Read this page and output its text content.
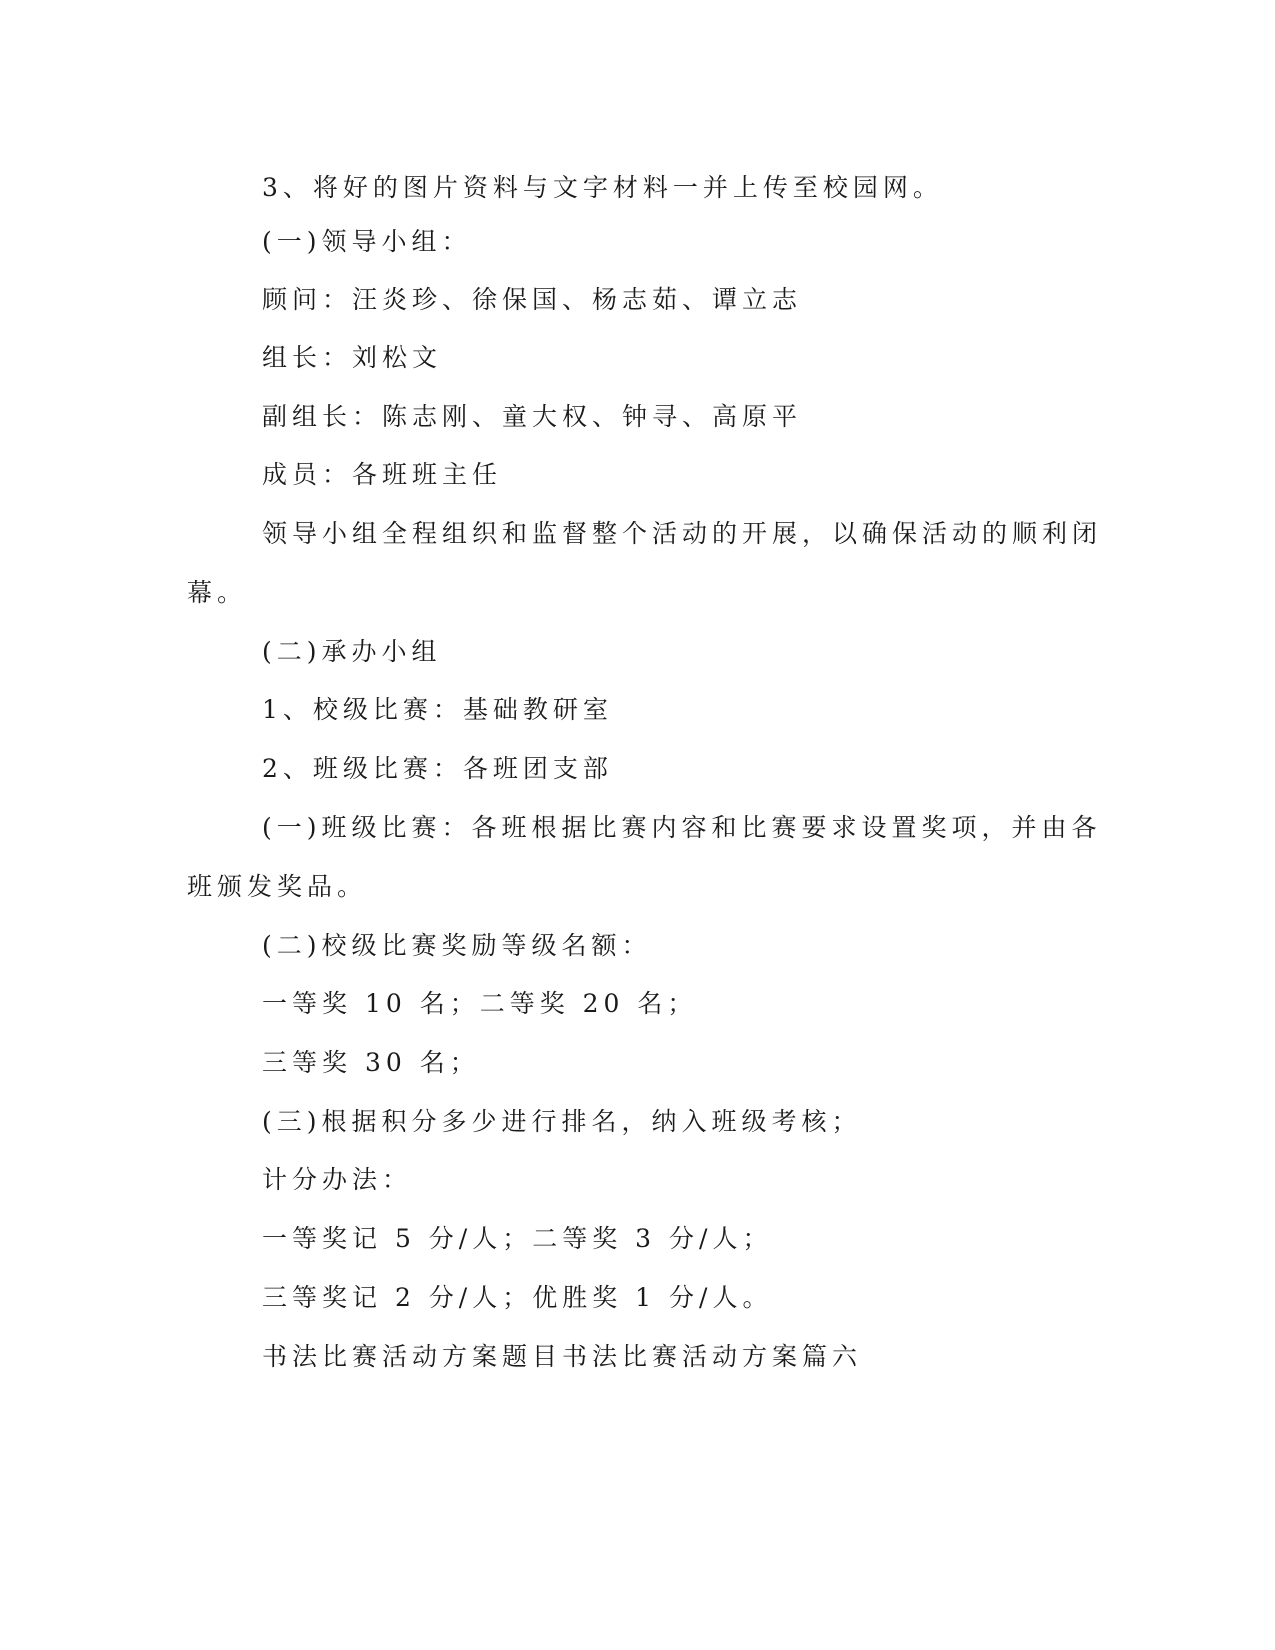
3、将好的图片资料与文字材料一并上传至校园网。
(一)领导小组：
顾问：汪炎珍、徐保国、杨志茹、谭立志
组长：刘松文
副组长：陈志刚、童大权、钟寻、高原平
成员：各班班主任
领导小组全程组织和监督整个活动的开展，以确保活动的顺利闭
幕。
(二)承办小组
1、校级比赛：基础教研室
2、班级比赛：各班团支部
(一)班级比赛：各班根据比赛内容和比赛要求设置奖项，并由各
班颁发奖品。
(二)校级比赛奖励等级名额：
一等奖 10 名；二等奖 20 名；
三等奖 30 名；
(三)根据积分多少进行排名，纳入班级考核；
计分办法：
一等奖记 5 分/人；二等奖 3 分/人；
三等奖记 2 分/人；优胜奖 1 分/人。
书法比赛活动方案题目书法比赛活动方案篇六
